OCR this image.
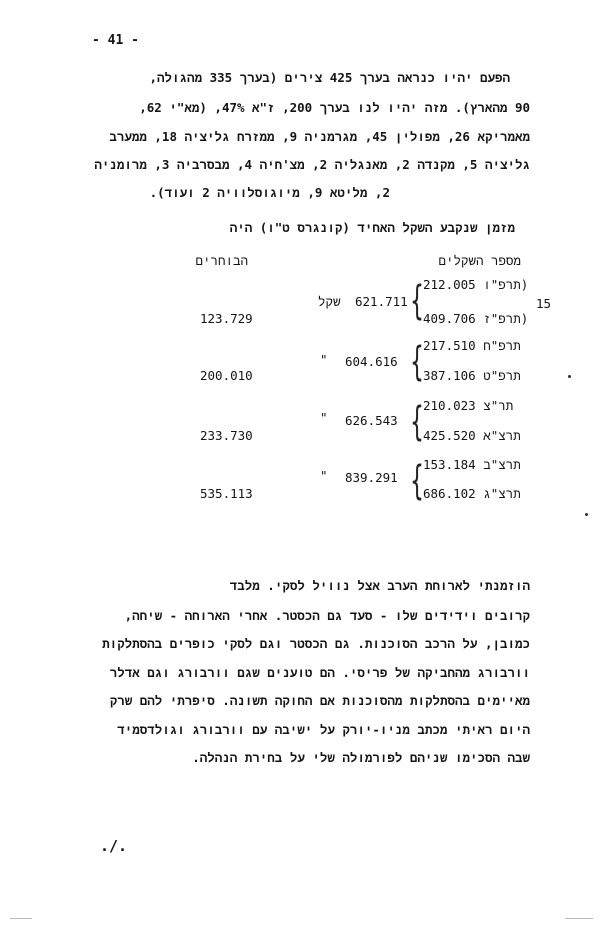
- 41 -
הפעם יהיו כנראה בערך 425 צירים (בערך 335 מהגולה,
90 מהארץ). מזה יהיו לנו בערך 200, ז"א 47%, (מא"י 62,
מאמריקא 26, מפולין 45, מגרמניה 9, ממזרח גליציה 18, ממערב
גליציה 5, מקנדה 2, מאנגליה 2, מצ'חיה 4, מבסרביה 3, מרומניה
2, מליטא 9, מיוגוסלוויה 2 ועוד).
מזמן שנקבע השקל האחיד (קונגרס ט"ו) היה
מספר השקלים
הבוחרים
15
{ 212.005 (תרפ"ו
409.706 (תרפ"ז
621.711
שקל
123.729
{ 217.510 תרפ"ח
387.106 תרפ"ט
604.616
"
200.010
{ 210.023 תר"צ
425.520 תרצ"א
626.543
"
233.730
{ 153.184 תרצ"ב
686.102 תרצ"ג
839.291
"
535.113
הוזמנתי לארוחת הערב אצל נוויל לסקי. מלבד
קרובים וידידים שלו - סעד גם הכסטר. אחרי הארוחה - שיחה,
כמובן, על הרכב הסוכנות. גם הכסטר וגם לסקי כופרים בהסתלקות
וורבורג מהחביקה של פריסי. הם טוענים שגם וורבורג וגם אדלר
מאיימים בהסתלקות מהסוכנות אם החוקה תשונה. סיפרתי להם שרק
היום ראיתי מכתב מניו-יורק על ישיבה עם וורבורג וגולדסמיד
שבה הסכימו שניהם לפורמולה שלי על בחירת הנהלה.
./.
